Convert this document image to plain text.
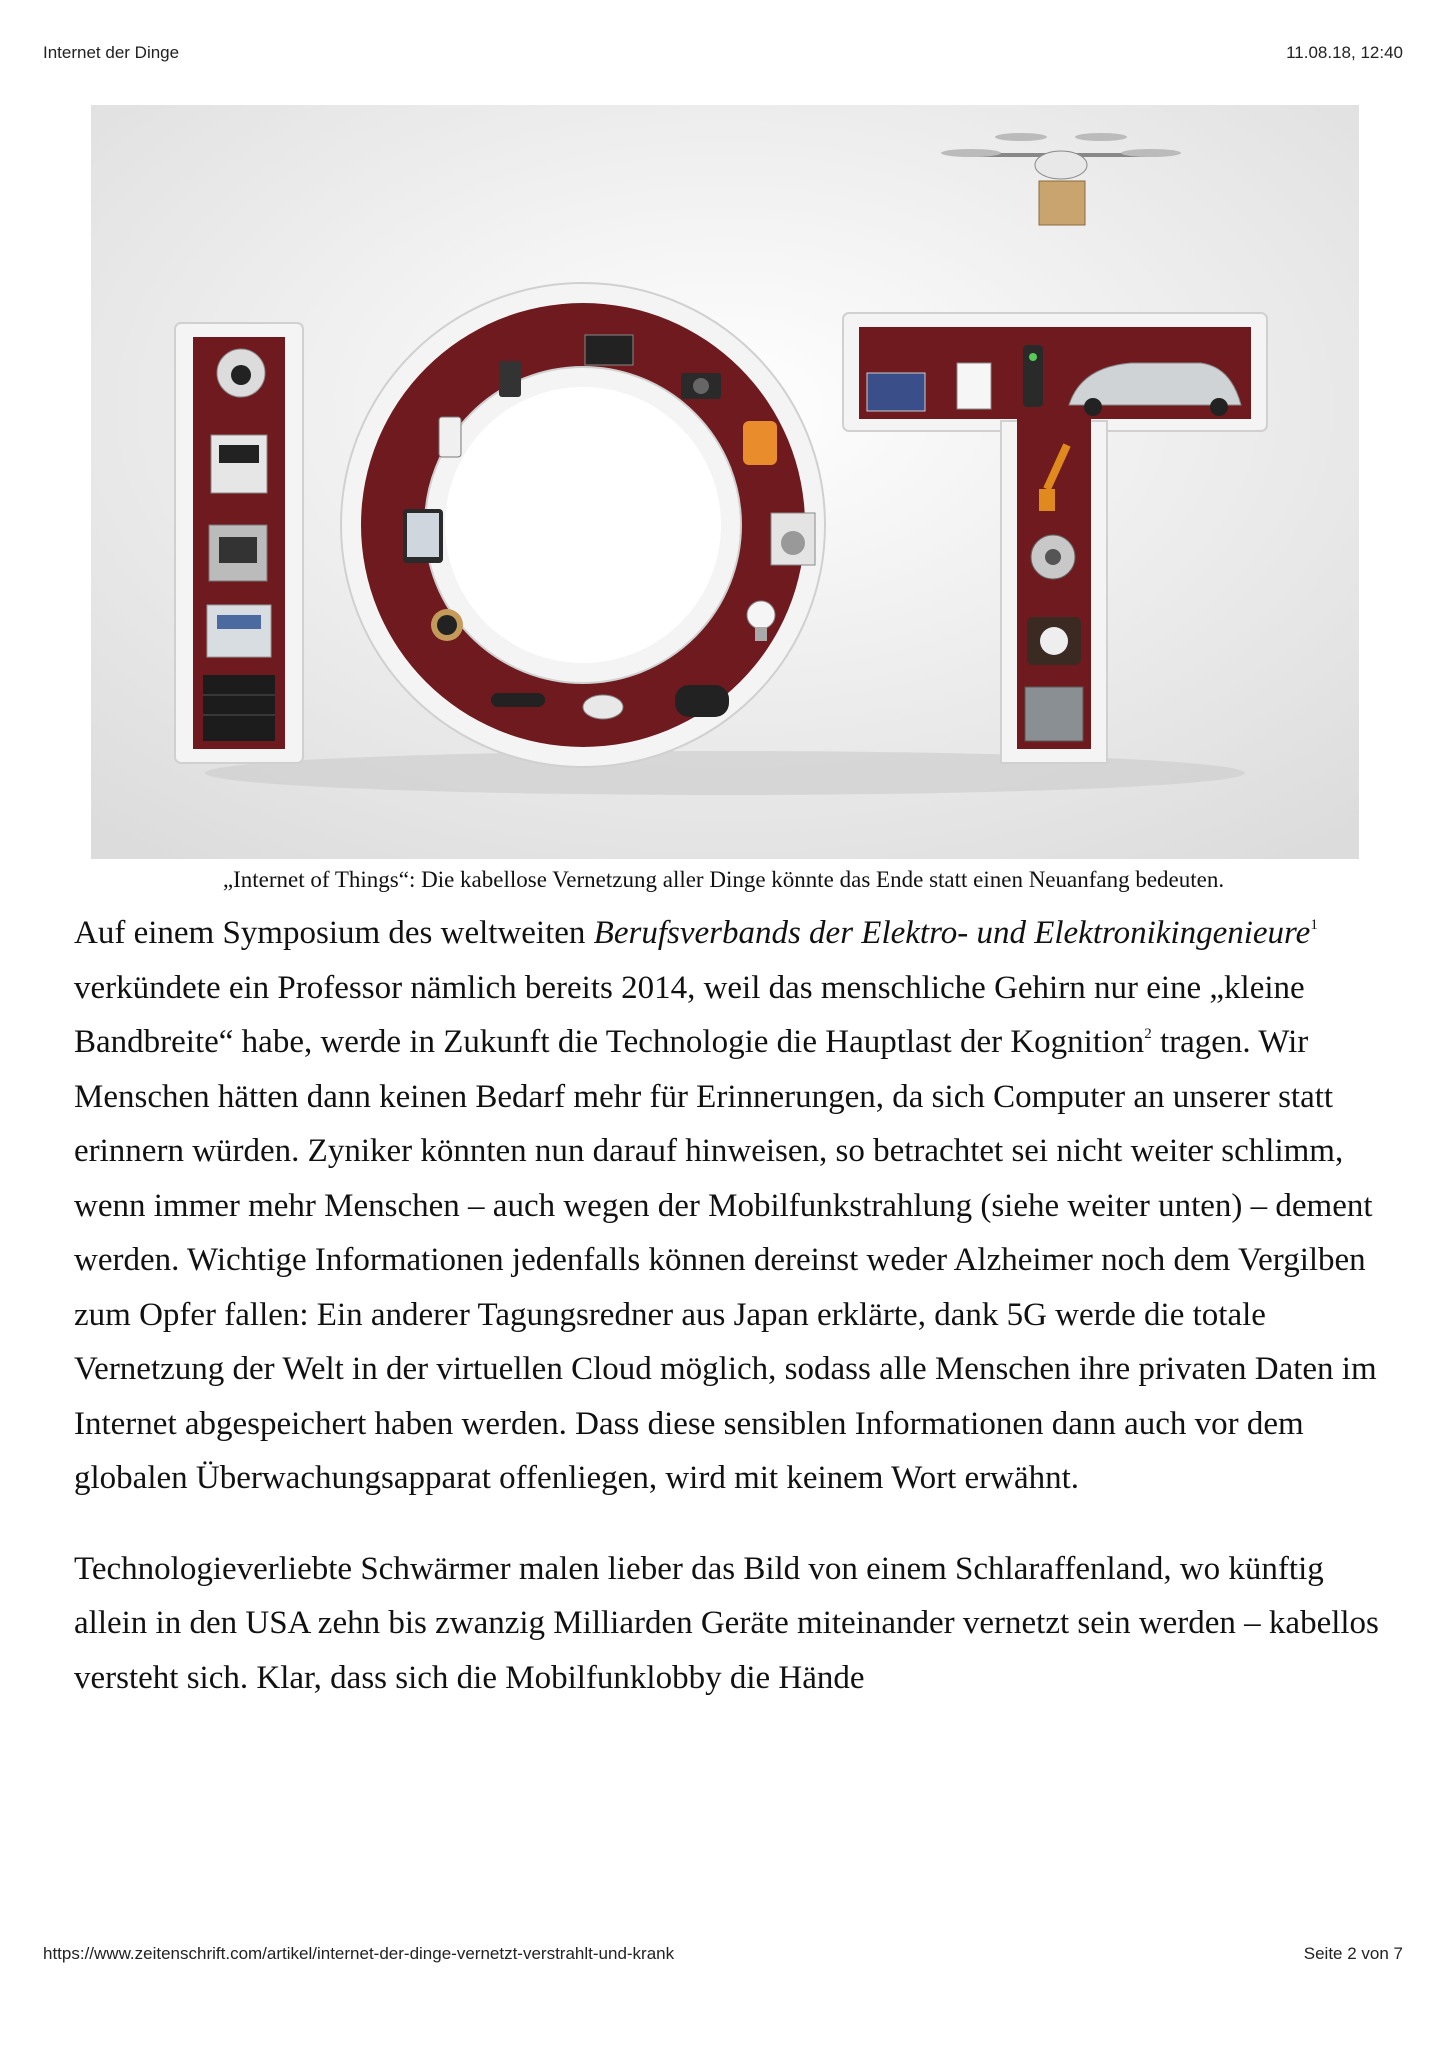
Internet der Dinge	11.08.18, 12:40
„Internet of Things“: Die kabellose Vernetzung aller Dinge könnte das Ende statt einen Neuanfang bedeuten.

Auf einem Symposium des weltweiten Berufsverbands der Elektro- und Elektronikingenieure$^1$ verkündete ein Professor nämlich bereits 2014, weil das menschliche Gehirn nur eine „kleine Bandbreite“ habe, werde in Zukunft die Technologie die Hauptlast der Kognition$^2$ tragen. Wir Menschen hätten dann keinen Bedarf mehr für Erinnerungen, da sich Computer an unserer statt erinnern würden. Zyniker könnten nun darauf hinweisen, so betrachtet sei nicht weiter schlimm, wenn immer mehr Menschen – auch wegen der Mobilfunkstrahlung (siehe weiter unten) – dement werden. Wichtige Informationen jedenfalls können dereinst weder Alzheimer noch dem Vergilben zum Opfer fallen: Ein anderer Tagungsredner aus Japan erklärte, dank 5G werde die totale Vernetzung der Welt in der virtuellen Cloud möglich, sodass alle Menschen ihre privaten Daten im Internet abgespeichert haben werden. Dass diese sensiblen Informationen dann auch vor dem globalen Überwachungsapparat offenliegen, wird mit keinem Wort erwähnt.

Technologieverliebte Schwärmer malen lieber das Bild von einem Schlaraffenland, wo künftig allein in den USA zehn bis zwanzig Milliarden Geräte miteinander vernetzt sein werden – kabellos versteht sich. Klar, dass sich die Mobilfunklobby die Hände

https://www.zeitenschrift.com/artikel/internet-der-dinge-vernetzt-verstrahlt-und-krank	Seite 2 von 7
